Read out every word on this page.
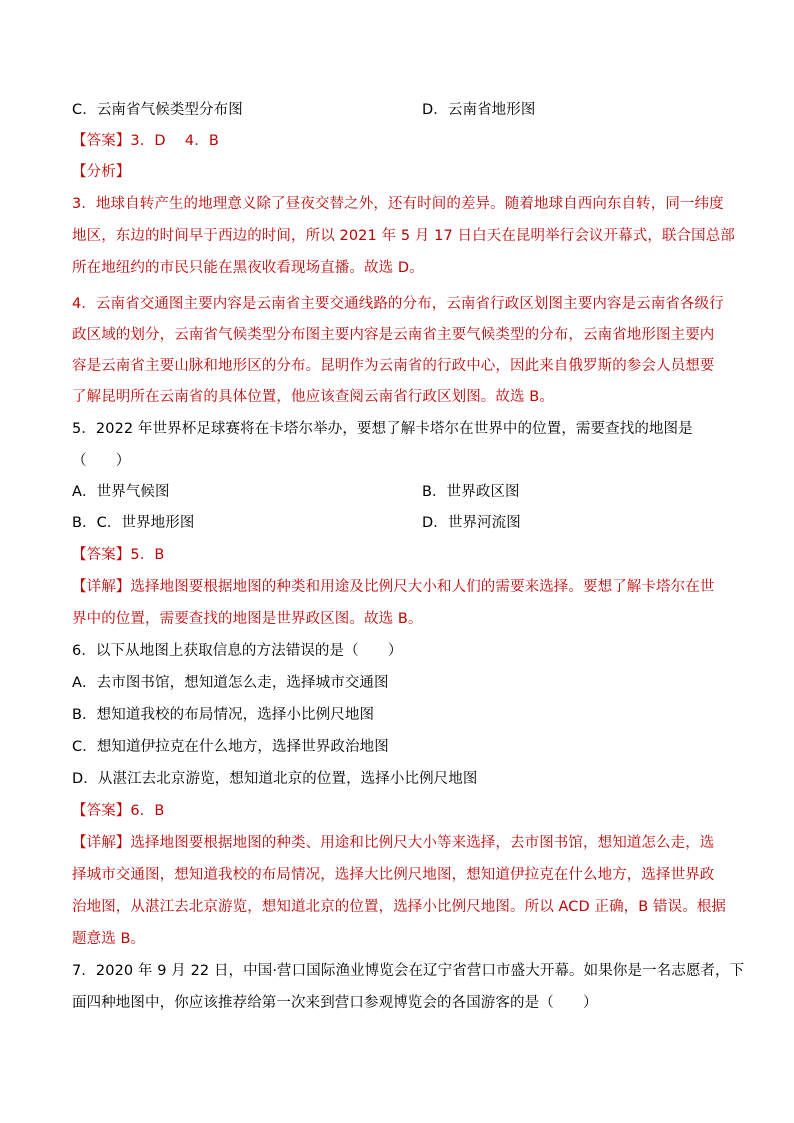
C．云南省气候类型分布图	D．云南省地形图
【答案】3．D　 4．B
【分析】
3．地球自转产生的地理意义除了昼夜交替之外，还有时间的差异。随着地球自西向东自转，同一纬度
地区，东边的时间早于西边的时间，所以 2021 年 5 月 17 日白天在昆明举行会议开幕式，联合国总部
所在地纽约的市民只能在黑夜收看现场直播。故选 D。
4．云南省交通图主要内容是云南省主要交通线路的分布，云南省行政区划图主要内容是云南省各级行
政区域的划分，云南省气候类型分布图主要内容是云南省主要气候类型的分布，云南省地形图主要内
容是云南省主要山脉和地形区的分布。昆明作为云南省的行政中心，因此来自俄罗斯的参会人员想要
了解昆明所在云南省的具体位置，他应该查阅云南省行政区划图。故选 B。
5．2022 年世界杯足球赛将在卡塔尔举办，要想了解卡塔尔在世界中的位置，需要查找的地图是
（　　）
A．世界气候图	B．世界政区图
B．C．世界地形图	D．世界河流图
【答案】5．B
【详解】选择地图要根据地图的种类和用途及比例尺大小和人们的需要来选择。要想了解卡塔尔在世
界中的位置，需要查找的地图是世界政区图。故选 B。
6．以下从地图上获取信息的方法错误的是（　　）
A．去市图书馆，想知道怎么走，选择城市交通图
B．想知道我校的布局情况，选择小比例尺地图
C．想知道伊拉克在什么地方，选择世界政治地图
D．从湛江去北京游览，想知道北京的位置，选择小比例尺地图
【答案】6．B
【详解】选择地图要根据地图的种类、用途和比例尺大小等来选择，去市图书馆，想知道怎么走，选
择城市交通图，想知道我校的布局情况，选择大比例尺地图，想知道伊拉克在什么地方，选择世界政
治地图，从湛江去北京游览，想知道北京的位置，选择小比例尺地图。所以 ACD 正确，B 错误。根据
题意选 B。
7．2020 年 9 月 22 日，中国·营口国际渔业博览会在辽宁省营口市盛大开幕。如果你是一名志愿者，下
面四种地图中，你应该推荐给第一次来到营口参观博览会的各国游客的是（　　）
